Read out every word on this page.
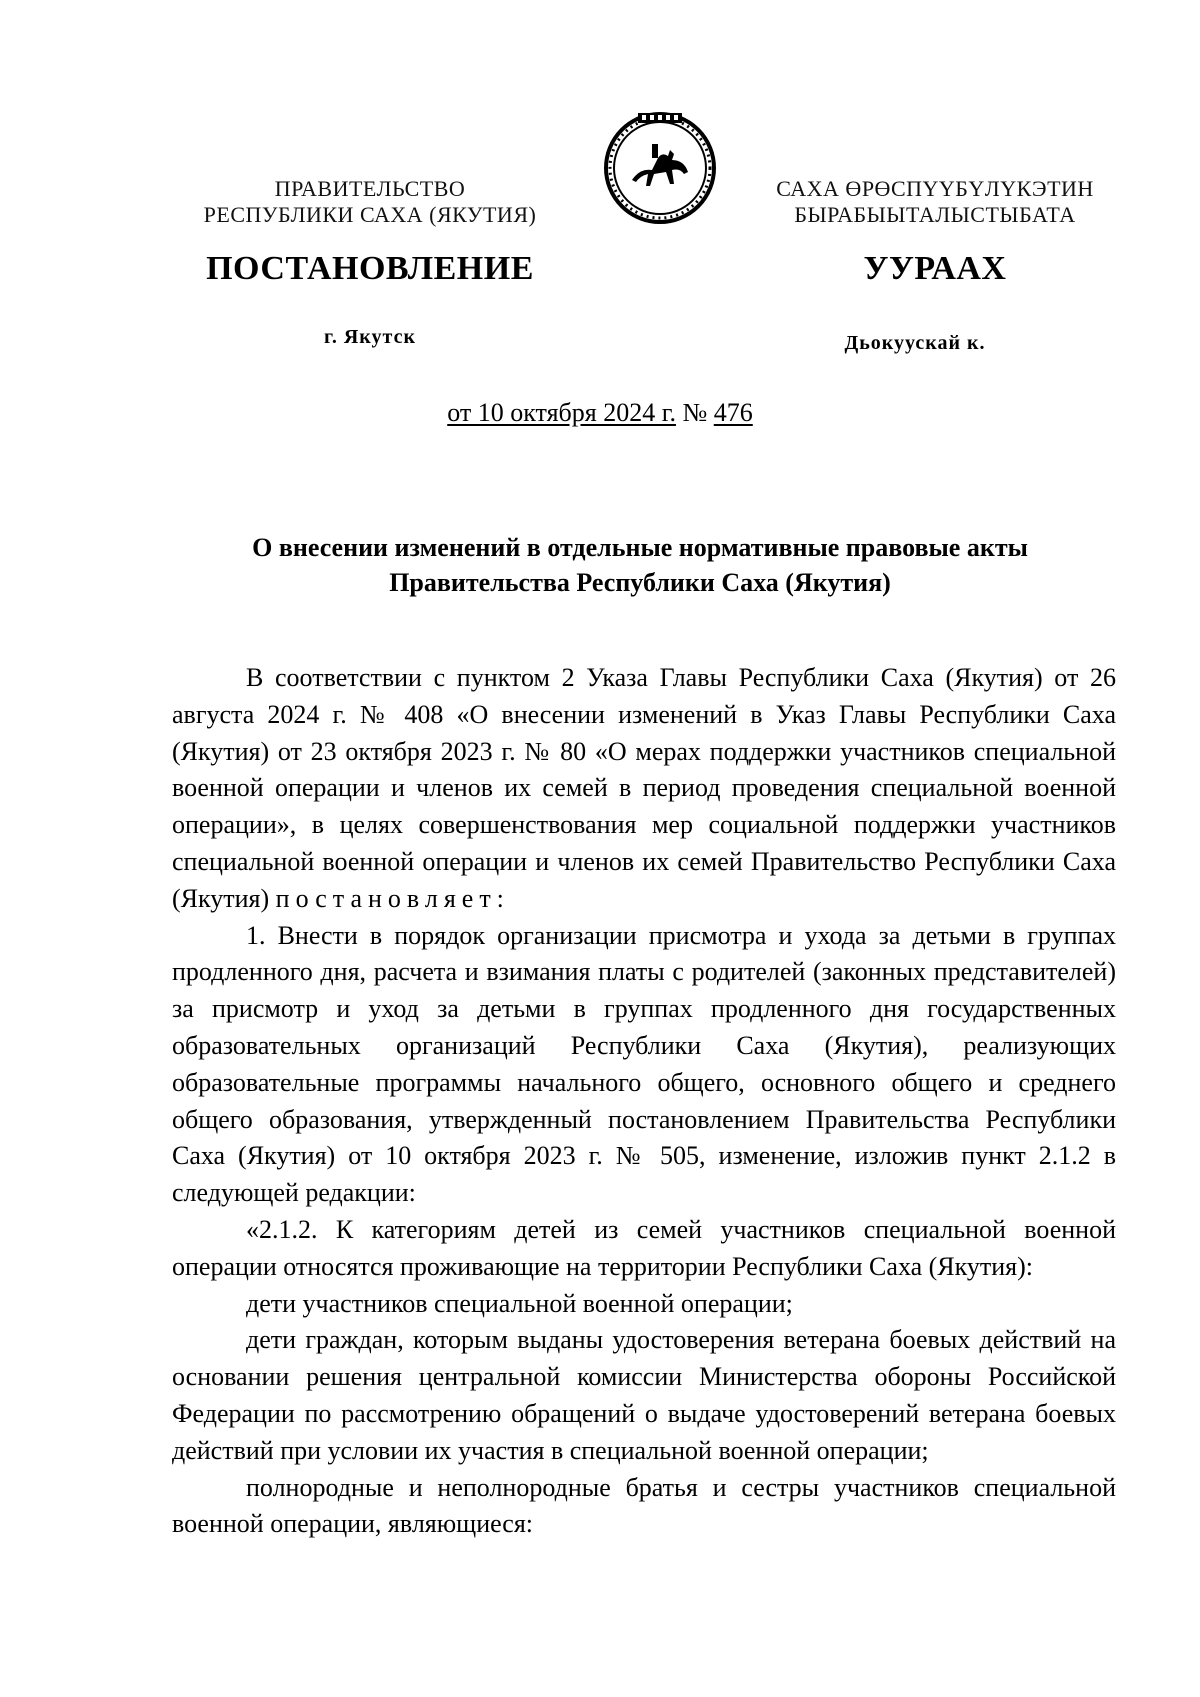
ПРАВИТЕЛЬСТВО
РЕСПУБЛИКИ САХА (ЯКУТИЯ)
САХА ӨРӨСПҮҮБҮЛҮКЭТИН
БЫРАБЫЫТАЛЫСТЫБАТА
ПОСТАНОВЛЕНИЕ	УУРААХ
г. Якутск	Дьокуускай к.
от 10 октября 2024 г. № 476
О внесении изменений в отдельные нормативные правовые акты
Правительства Республики Саха (Якутия)

В соответствии с пунктом 2 Указа Главы Республики Саха (Якутия) от 26 августа 2024 г. № 408 «О внесении изменений в Указ Главы Республики Саха (Якутия) от 23 октября 2023 г. № 80 «О мерах поддержки участников специальной военной операции и членов их семей в период проведения специальной военной операции», в целях совершенствования мер социальной поддержки участников специальной военной операции и членов их семей Правительство Республики Саха (Якутия) постановляет:

1. Внести в порядок организации присмотра и ухода за детьми в группах продленного дня, расчета и взимания платы с родителей (законных представителей) за присмотр и уход за детьми в группах продленного дня государственных образовательных организаций Республики Саха (Якутия), реализующих образовательные программы начального общего, основного общего и среднего общего образования, утвержденный постановлением Правительства Республики Саха (Якутия) от 10 октября 2023 г. № 505, изменение, изложив пункт 2.1.2 в следующей редакции:

«2.1.2. К категориям детей из семей участников специальной военной операции относятся проживающие на территории Республики Саха (Якутия):

дети участников специальной военной операции;

дети граждан, которым выданы удостоверения ветерана боевых действий на основании решения центральной комиссии Министерства обороны Российской Федерации по рассмотрению обращений о выдаче удостоверений ветерана боевых действий при условии их участия в специальной военной операции;

полнородные и неполнородные братья и сестры участников специальной военной операции, являющиеся:
